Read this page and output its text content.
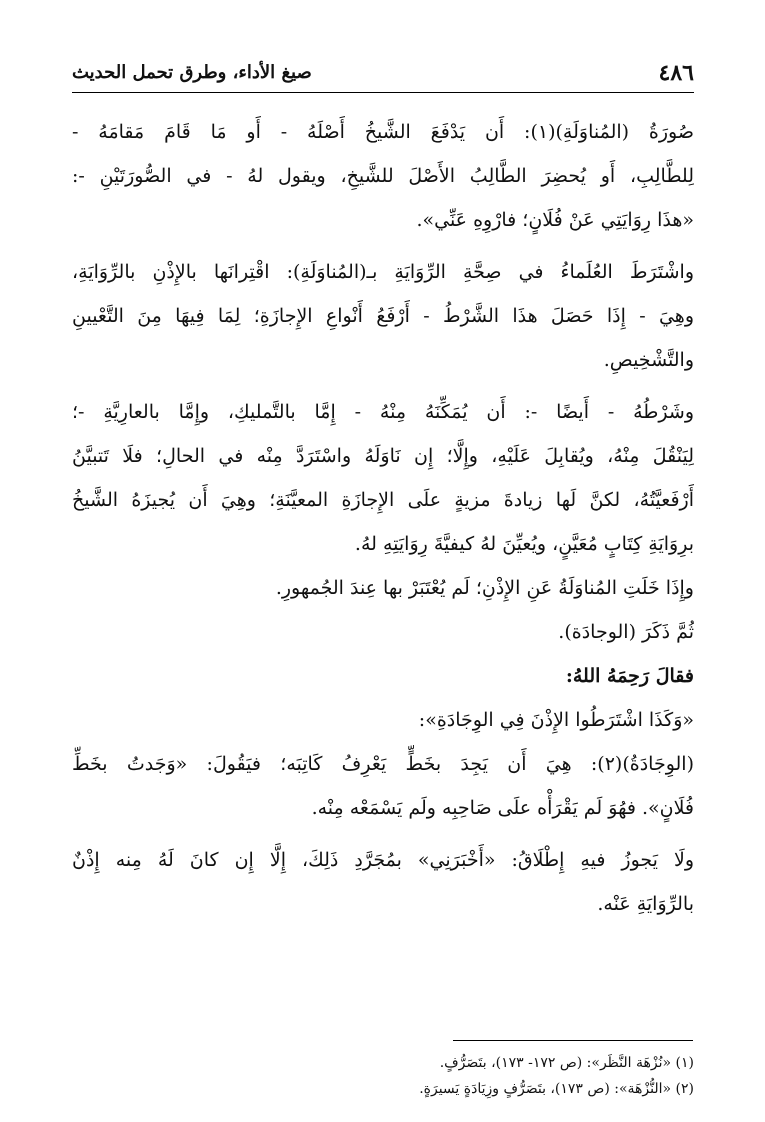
٤٨٦
صيغ الأداء، وطرق تحمل الحديث
صُورَةُ (المُناوَلَةِ)(١): أَن يَدْفَعَ الشَّيخُ أَصْلَهُ - أَو مَا قَامَ مَقامَهُ -
لِلطَّالِبِ، أَو يُحضِرَ الطَّالِبُ الأَصْلَ للشَّيخِ، ويقول لهُ - في الصُّورَتَيْنِ -:
«هذَا رِوَايَتِي عَنْ فُلَانٍ؛ فارْوِهِ عَنِّي».
واشْتَرَطَ العُلَماءُ في صِحَّةِ الرِّوَايَةِ بـ(المُناوَلَةِ): اقْتِرانَها بالإِذْنِ بالرِّوَايَةِ،
وهِيَ - إِذَا حَصَلَ هذَا الشَّرْطُ - أَرْفَعُ أَنْواعِ الإِجازَةِ؛ لِمَا فِيهَا مِنَ التَّعْيينِ
والتَّشْخِيصِ.
وشَرْطُهُ - أَيضًا -: أَن يُمَكِّنَهُ مِنْهُ - إِمَّا بالتَّمليكِ، وإِمَّا بالعارِيَّةِ -؛
لِيَنْقُلَ مِنْهُ، ويُقابِلَ عَلَيْهِ، وإِلَّا؛ إِن نَاوَلَهُ واسْتَرَدَّ مِنْه في الحالِ؛ فلَا تَتبيَّنُ
أَرْفَعيَّتُهُ، لكنَّ لَها زيادةَ مزيةٍ علَى الإِجازَةِ المعيَّنَةِ؛ وهِيَ أَن يُجيزَهُ الشَّيخُ
برِوَايَةِ كِتَابٍ مُعَيَّنٍ، ويُعيِّنَ لهُ كيفيَّةَ رِوَايَتِهِ لهُ.
وإِذَا خَلَتِ المُناوَلَةُ عَنِ الإِذْنِ؛ لَم يُعْتَبَرْ بها عِندَ الجُمهورِ.
ثُمَّ ذَكَرَ (الوجادَة).
فقالَ رَحِمَهُ اللهُ:
«وَكَذَا اشْتَرَطُوا الإِذْنَ فِي الوِجَادَةِ»:
(الوِجَادَةُ)(٢): هِيَ أَن يَجِدَ بخَطٍّ يَعْرِفُ كَاتِبَه؛ فيَقُولَ: «وَجَدتُ بخَطِّ
فُلَانٍ». فهُوَ لَم يَقْرَأْه علَى صَاحِبِه ولَم يَسْمَعْه مِنْه.
ولَا يَجوزُ فيهِ إِطْلَاقُ: «أَخْبَرَنِي» بمُجَرَّدِ ذَلِكَ، إِلَّا إِن كانَ لَهُ مِنه إِذْنٌ
بالرِّوَايَةِ عَنْه.
(١) «نُزْهَة النَّظَر»: (ص ١٧٢- ١٧٣)، بتَصَرُّفٍ.
(٢) «النُّزْهَة»: (ص ١٧٣)، بتَصَرُّفٍ وزِيَادَةٍ يَسيرَةٍ.
